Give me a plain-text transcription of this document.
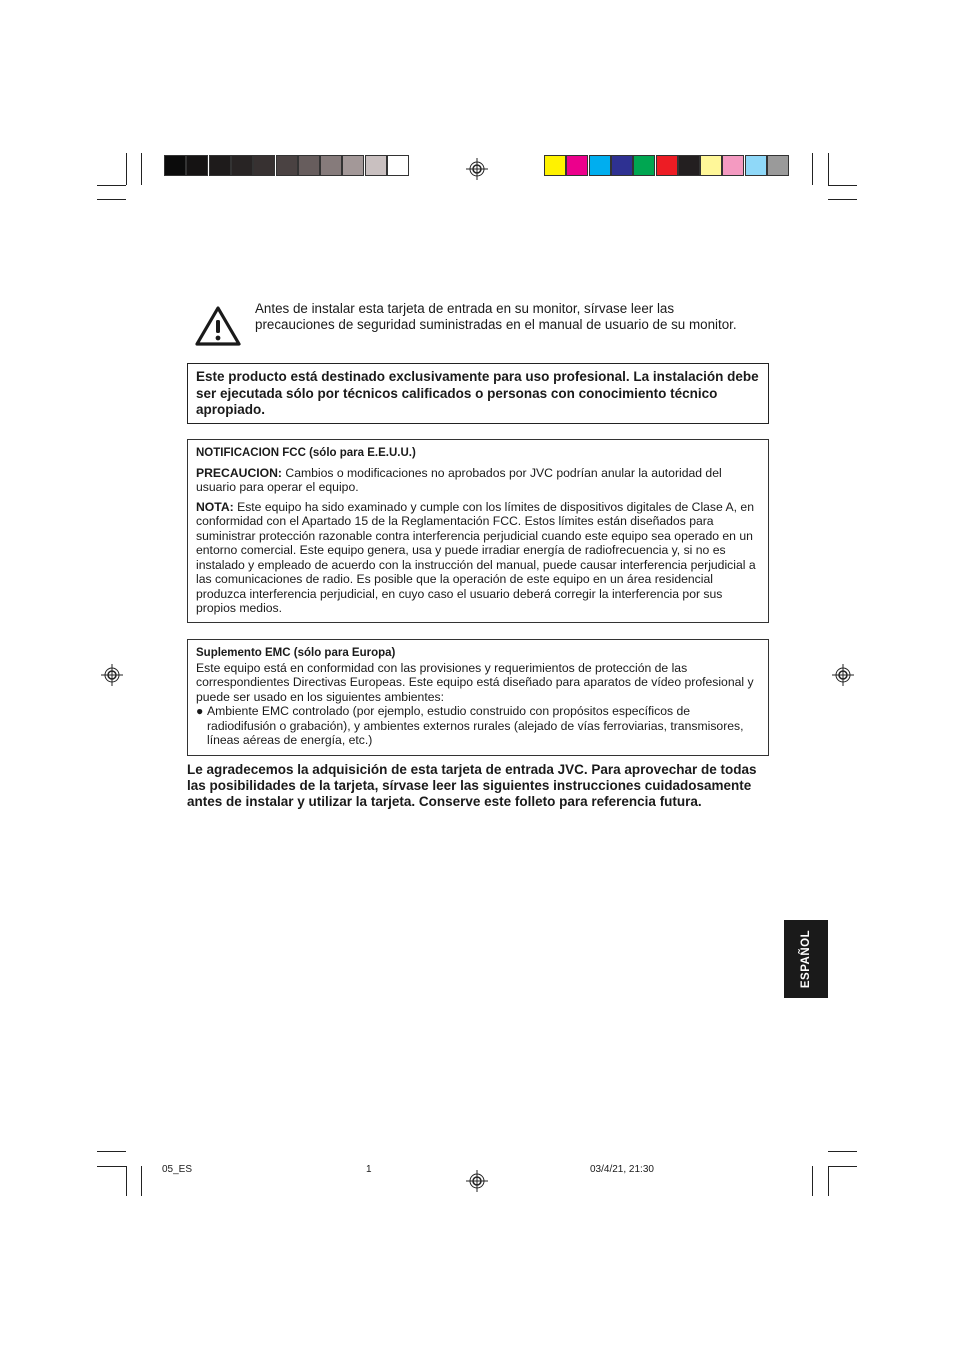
Antes de instalar esta tarjeta de entrada en su monitor, sírvase leer las precauciones de seguridad suministradas en el manual de usuario de su monitor.

Este producto está destinado exclusivamente para uso profesional. La instalación debe ser ejecutada sólo por técnicos calificados o personas con conocimiento técnico apropiado.

NOTIFICACION FCC (sólo para E.E.U.U.)

PRECAUCION: Cambios o modificaciones no aprobados por JVC podrían anular la autoridad del usuario para operar el equipo.

NOTA: Este equipo ha sido examinado y cumple con los límites de dispositivos digitales de Clase A, en conformidad con el Apartado 15 de la Reglamentación FCC. Estos límites están diseñados para suministrar protección razonable contra interferencia perjudicial cuando este equipo sea operado en un entorno comercial. Este equipo genera, usa y puede irradiar energía de radiofrecuencia y, si no es instalado y empleado de acuerdo con la instrucción del manual, puede causar interferencia perjudicial a las comunicaciones de radio. Es posible que la operación de este equipo en un área residencial produzca interferencia perjudicial, en cuyo caso el usuario deberá corregir la interferencia por sus propios medios.

Suplemento EMC (sólo para Europa)

Este equipo está en conformidad con las provisiones y requerimientos de protección de las correspondientes Directivas Europeas. Este equipo está diseñado para aparatos de vídeo profesional y puede ser usado en los siguientes ambientes:

● Ambiente EMC controlado (por ejemplo, estudio construido con propósitos específicos de radiodifusión o grabación), y ambientes externos rurales (alejado de vías ferroviarias, transmisores, líneas aéreas de energía, etc.)

Le agradecemos la adquisición de esta tarjeta de entrada JVC. Para aprovechar de todas las posibilidades de la tarjeta, sírvase leer las siguientes instrucciones cuidadosamente antes de instalar y utilizar la tarjeta. Conserve este folleto para referencia futura.

ESPAÑOL
05_ES	1	03/4/21, 21:30
